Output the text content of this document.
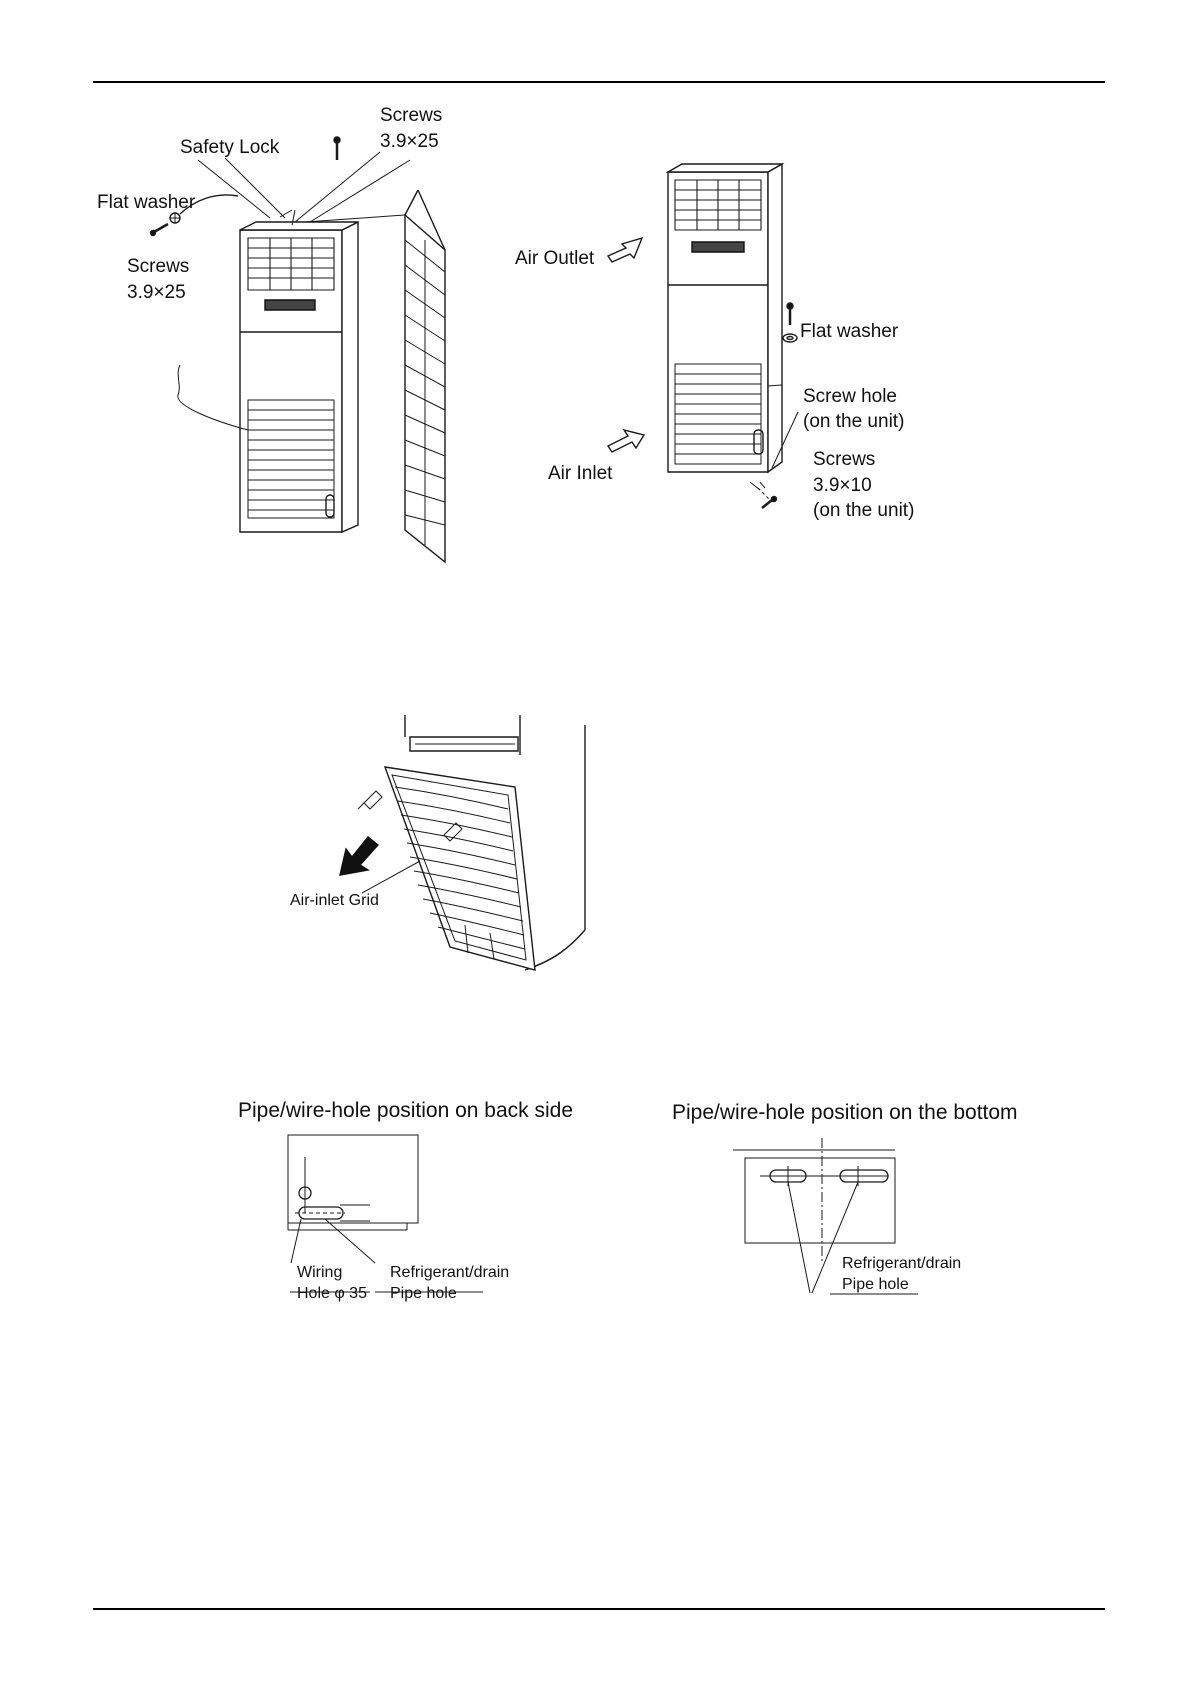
Screws
3.9×25
Safety Lock
Flat washer
Screws
3.9×25
Air Outlet
Air Inlet
Flat washer
Screw hole
(on the unit)
Screws
3.9×10
(on the unit)
Air-inlet Grid
Pipe/wire-hole position on back side
Wiring
Hole φ 35
Refrigerant/drain
Pipe hole
Pipe/wire-hole position on the bottom
Refrigerant/drain
Pipe hole
